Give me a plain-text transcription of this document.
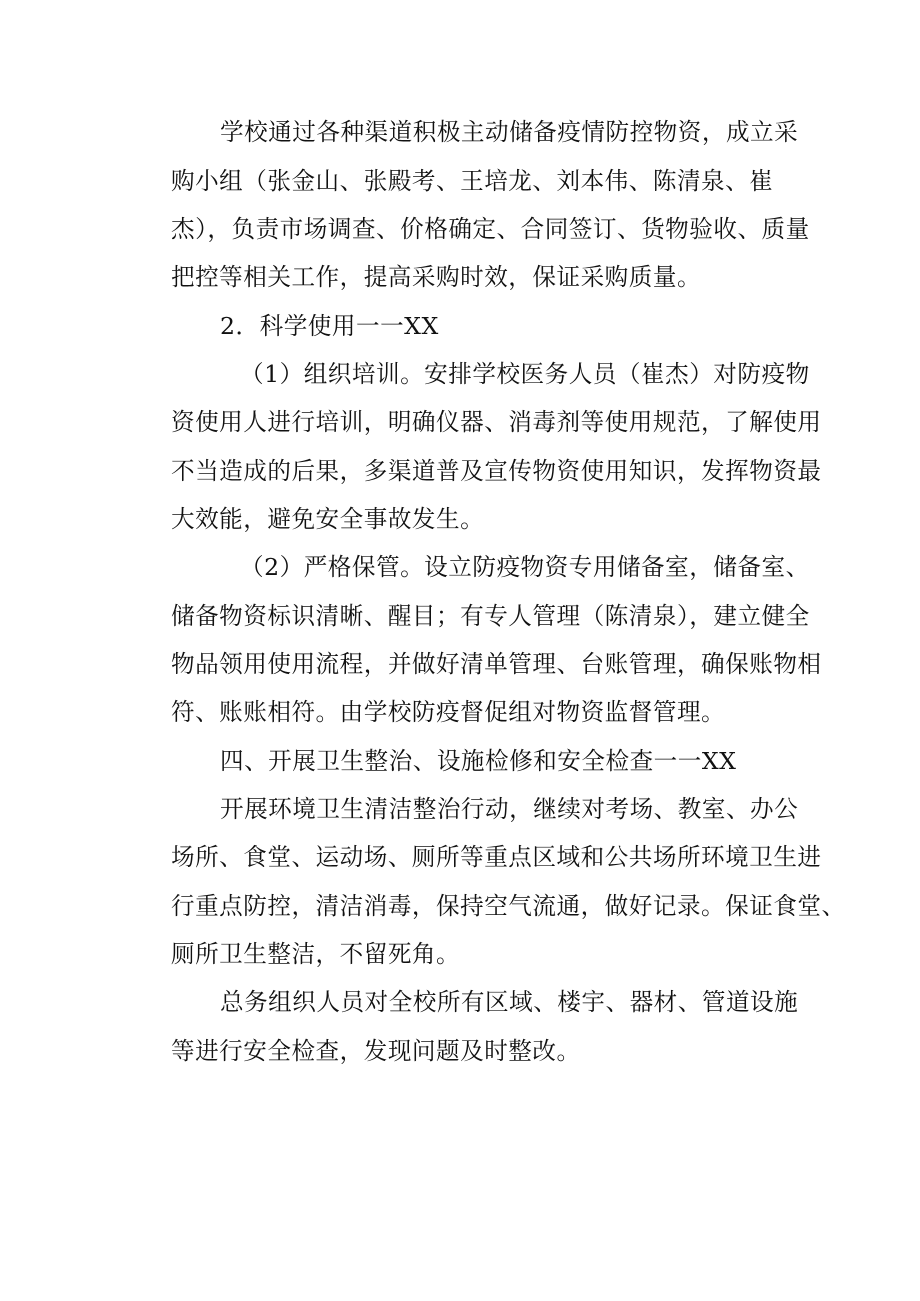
学校通过各种渠道积极主动储备疫情防控物资，成立采
购小组（张金山、张殿考、王培龙、刘本伟、陈清泉、崔
杰），负责市场调查、价格确定、合同签订、货物验收、质量
把控等相关工作，提高采购时效，保证采购质量。
2．科学使用一一XX
（1）组织培训。安排学校医务人员（崔杰）对防疫物
资使用人进行培训，明确仪器、消毒剂等使用规范，了解使用
不当造成的后果，多渠道普及宣传物资使用知识，发挥物资最
大效能，避免安全事故发生。
（2）严格保管。设立防疫物资专用储备室，储备室、
储备物资标识清晰、醒目；有专人管理（陈清泉），建立健全
物品领用使用流程，并做好清单管理、台账管理，确保账物相
符、账账相符。由学校防疫督促组对物资监督管理。
四、开展卫生整治、设施检修和安全检查一一XX
开展环境卫生清洁整治行动，继续对考场、教室、办公
场所、食堂、运动场、厕所等重点区域和公共场所环境卫生进
行重点防控，清洁消毒，保持空气流通，做好记录。保证食堂、
厕所卫生整洁，不留死角。
总务组织人员对全校所有区域、楼宇、器材、管道设施
等进行安全检查，发现问题及时整改。
